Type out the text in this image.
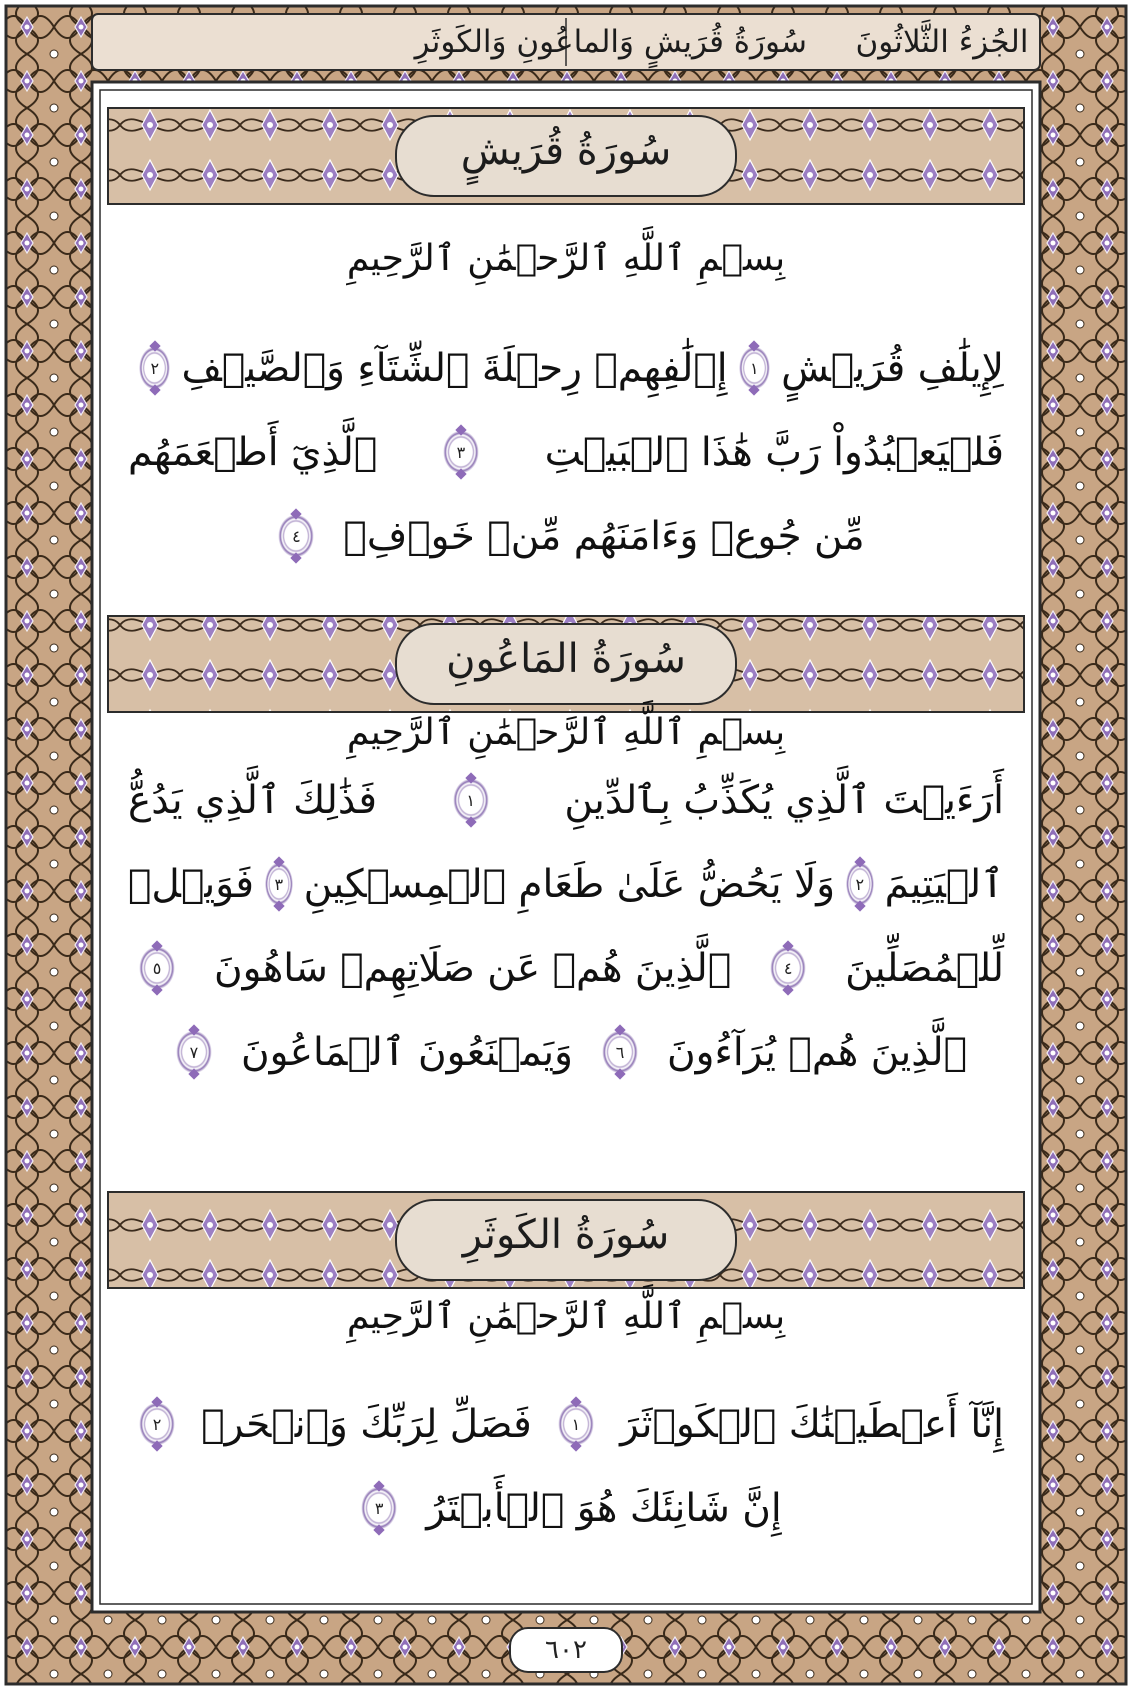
الجُزءُ الثَّلاثُونَ
سُورَةُ قُرَيشٍ وَالماعُونِ وَالكَوثَرِ
سُورَةُ قُرَيشٍ
بِسۡمِ ٱللَّهِ ٱلرَّحۡمَٰنِ ٱلرَّحِيمِ
لِإِيلَٰفِ قُرَيۡشٍ
١
إِۦلَٰفِهِمۡ رِحۡلَةَ ٱلشِّتَآءِ وَٱلصَّيۡفِ
٢
فَلۡيَعۡبُدُواْ رَبَّ هَٰذَا ٱلۡبَيۡتِ
٣
ٱلَّذِيٓ أَطۡعَمَهُم
مِّن جُوعٖ وَءَامَنَهُم مِّنۡ خَوۡفِۭ
٤
سُورَةُ المَاعُونِ
بِسۡمِ ٱللَّهِ ٱلرَّحۡمَٰنِ ٱلرَّحِيمِ
أَرَءَيۡتَ ٱلَّذِي يُكَذِّبُ بِٱلدِّينِ
١
فَذَٰلِكَ ٱلَّذِي يَدُعُّ
ٱلۡيَتِيمَ
٢
وَلَا يَحُضُّ عَلَىٰ طَعَامِ ٱلۡمِسۡكِينِ
٣
فَوَيۡلٞ
لِّلۡمُصَلِّينَ
٤
ٱلَّذِينَ هُمۡ عَن صَلَاتِهِمۡ سَاهُونَ
٥
ٱلَّذِينَ هُمۡ يُرَآءُونَ
٦
وَيَمۡنَعُونَ ٱلۡمَاعُونَ
٧
سُورَةُ الكَوثَرِ
بِسۡمِ ٱللَّهِ ٱلرَّحۡمَٰنِ ٱلرَّحِيمِ
إِنَّآ أَعۡطَيۡنَٰكَ ٱلۡكَوۡثَرَ
١
فَصَلِّ لِرَبِّكَ وَٱنۡحَرۡ
٢
إِنَّ شَانِئَكَ هُوَ ٱلۡأَبۡتَرُ
٣
٦٠٢
